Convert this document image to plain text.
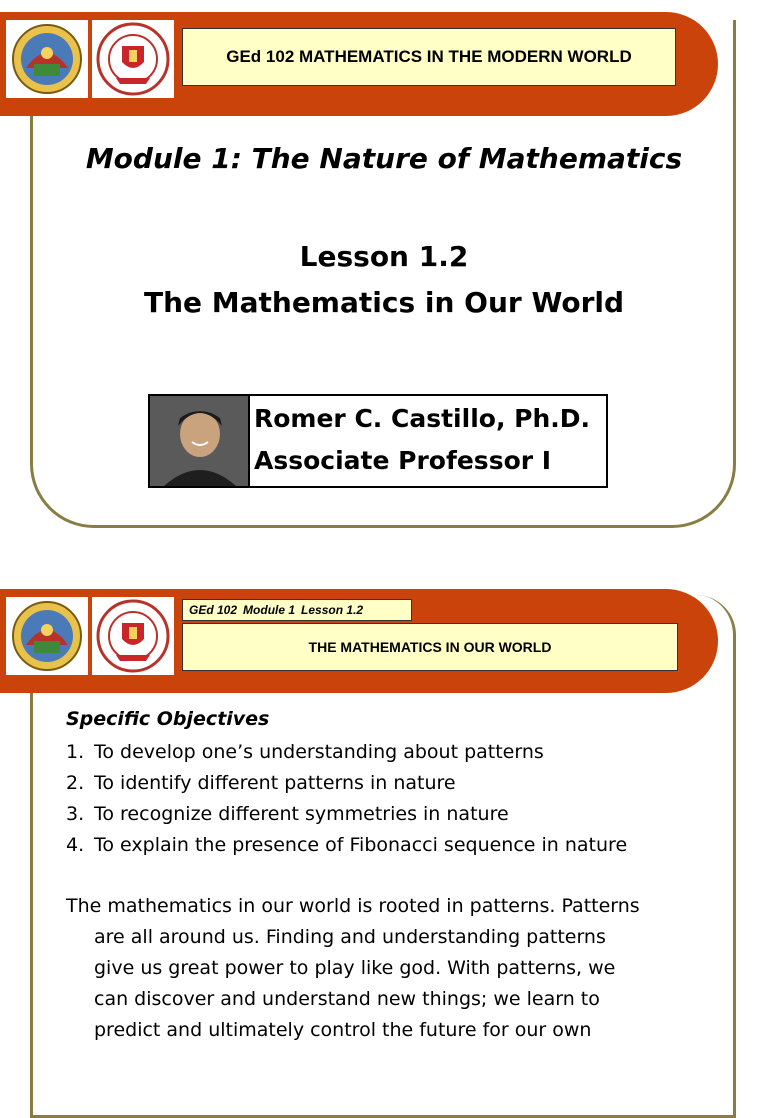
GEd 102 MATHEMATICS IN THE MODERN WORLD
Module 1: The Nature of Mathematics
Lesson 1.2
The Mathematics in Our World
Romer C. Castillo, Ph.D.
Associate Professor I
GEd 102 Module 1 Lesson 1.2
THE MATHEMATICS IN OUR WORLD
Specific Objectives
1. To develop one’s understanding about patterns
2. To identify different patterns in nature
3. To recognize different symmetries in nature
4. To explain the presence of Fibonacci sequence in nature
The mathematics in our world is rooted in patterns. Patterns
are all around us. Finding and understanding patterns
give us great power to play like god. With patterns, we
can discover and understand new things; we learn to
predict and ultimately control the future for our own
